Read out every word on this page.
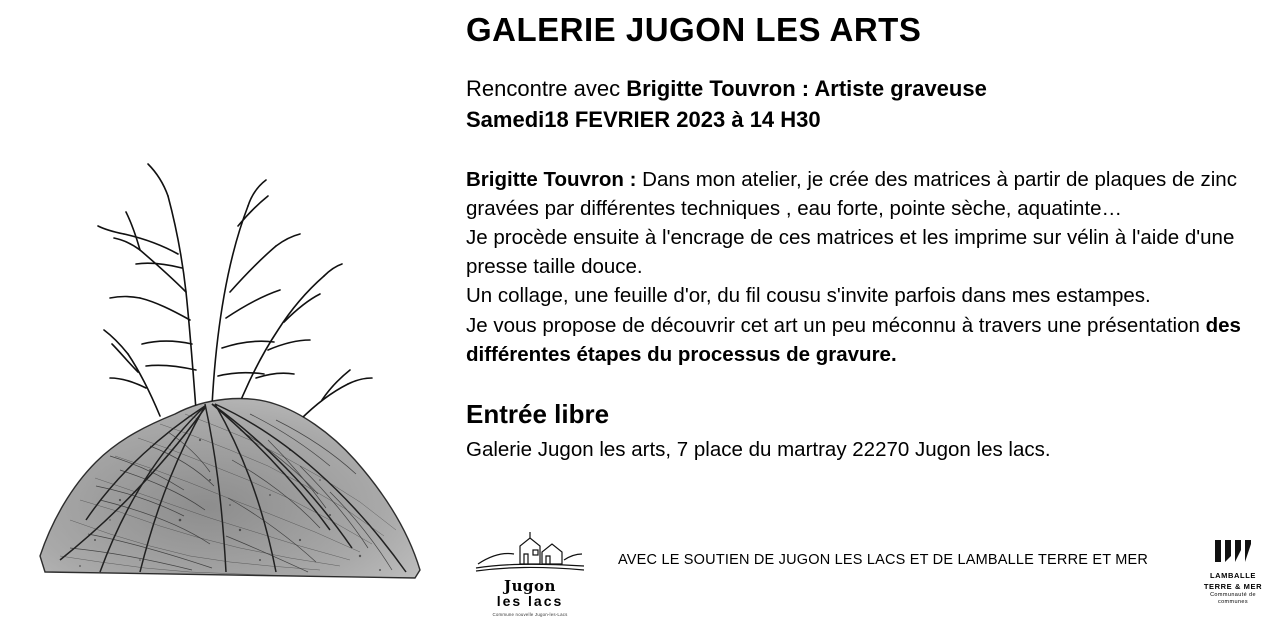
GALERIE JUGON LES ARTS
Rencontre avec Brigitte Touvron : Artiste graveuse
Samedi18 FEVRIER 2023 à 14 H30

Brigitte Touvron : Dans mon atelier, je crée des matrices à partir de plaques de zinc gravées par différentes techniques , eau forte, pointe sèche, aquatinte…

Je procède ensuite à l'encrage de ces matrices et les imprime sur vélin à l'aide d'une presse taille douce.

Un collage, une feuille d'or, du fil cousu s'invite parfois dans mes estampes.

Je vous propose de découvrir cet art un peu méconnu à travers une présentation des différentes étapes du processus de gravure.

Entrée libre
Galerie Jugon les arts, 7 place du martray 22270 Jugon les lacs.
Jugon
les lacs
Commune nouvelle Jugon-les-Lacs
AVEC LE SOUTIEN DE JUGON LES LACS ET DE LAMBALLE TERRE ET MER
LAMBALLE
TERRE & MER
Communauté de communes
